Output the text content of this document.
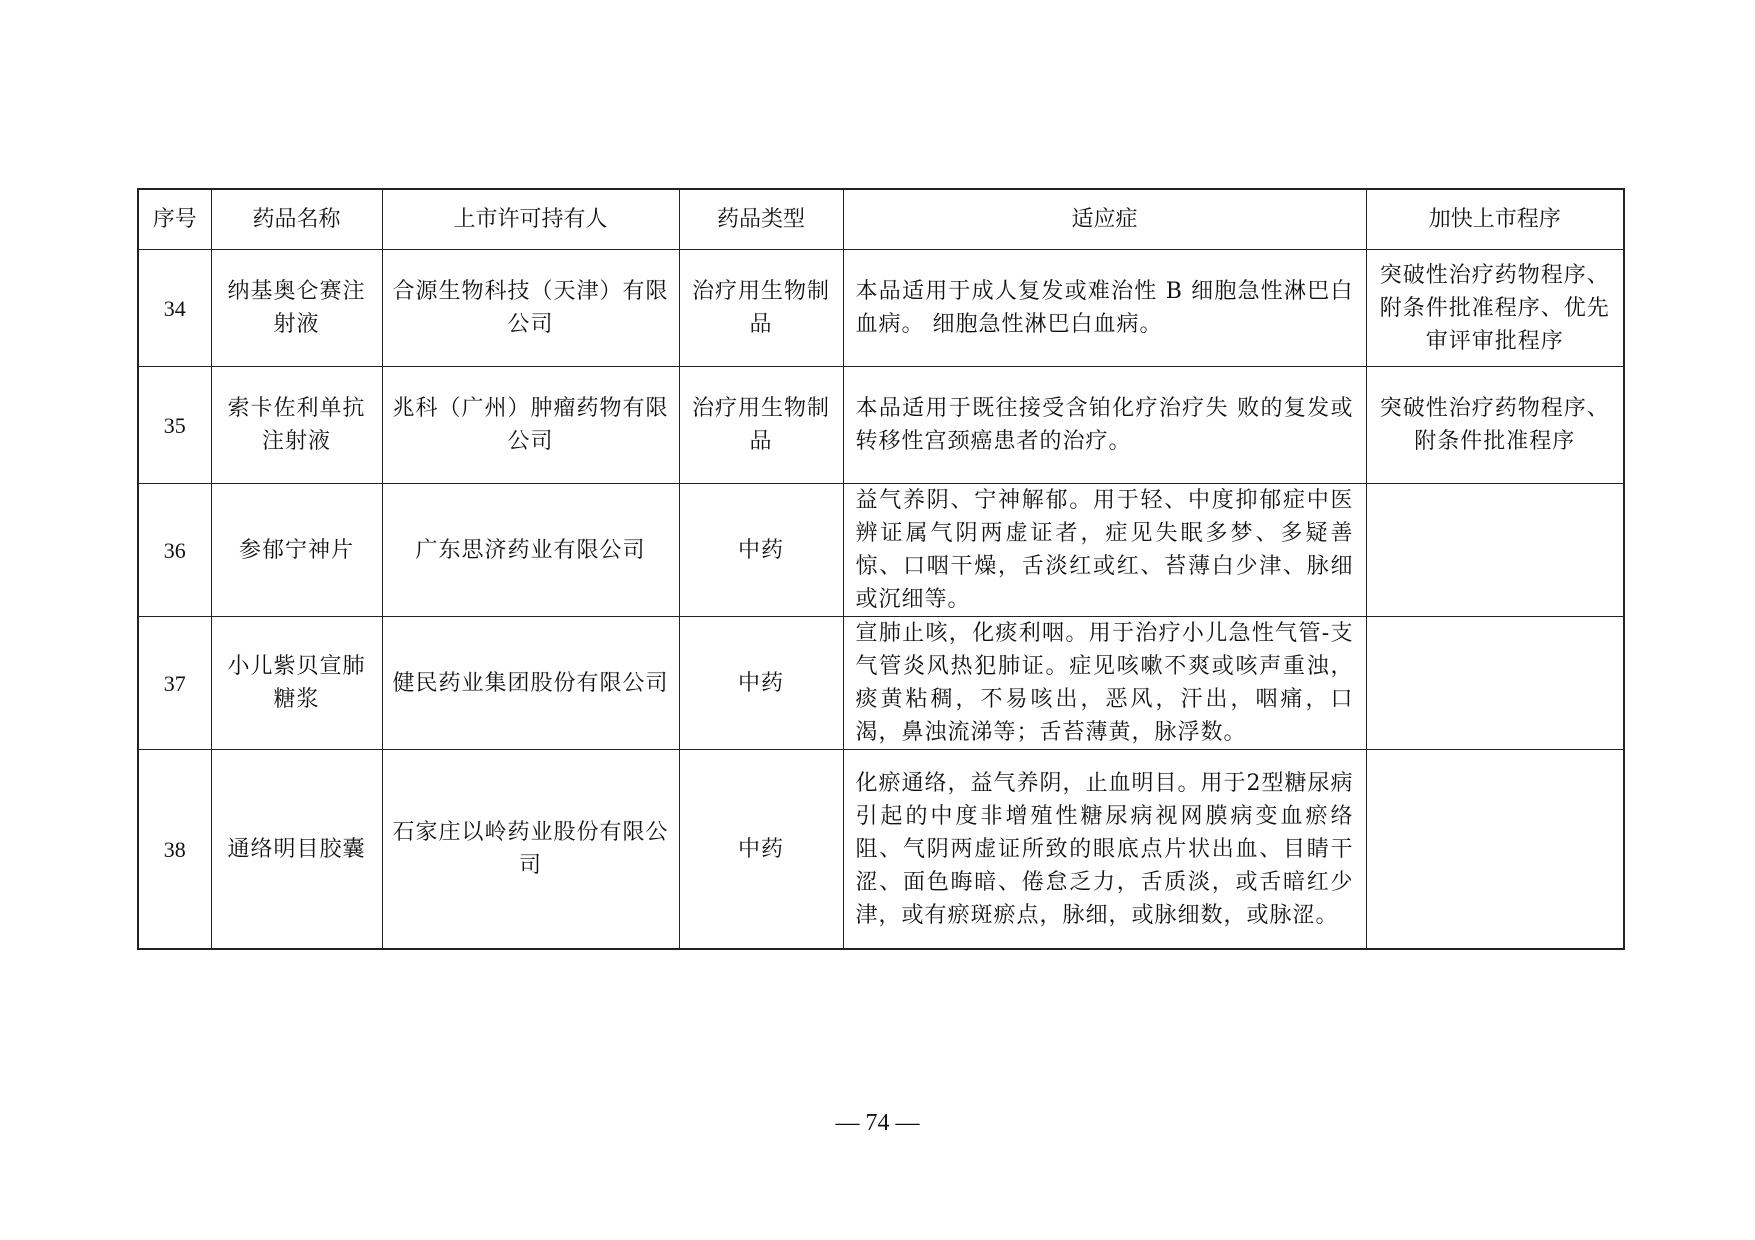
序号	药品名称	上市许可持有人	药品类型	适应症	加快上市程序
34	纳基奥仑赛注射液	合源生物科技（天津）有限公司	治疗用生物制品	本品适用于成人复发或难治性 B 细胞急性淋巴白血病。 细胞急性淋巴白血病。	突破性治疗药物程序、附条件批准程序、优先审评审批程序
35	索卡佐利单抗注射液	兆科（广州）肿瘤药物有限公司	治疗用生物制品	本品适用于既往接受含铂化疗治疗失 败的复发或转移性宫颈癌患者的治疗。	突破性治疗药物程序、附条件批准程序
36	参郁宁神片	广东思济药业有限公司	中药	益气养阴、宁神解郁。用于轻、中度抑郁症中医辨证属气阴两虚证者，症见失眠多梦、多疑善惊、口咽干燥，舌淡红或红、苔薄白少津、脉细或沉细等。	
37	小儿紫贝宣肺糖浆	健民药业集团股份有限公司	中药	宣肺止咳，化痰利咽。用于治疗小儿急性气管-支气管炎风热犯肺证。症见咳嗽不爽或咳声重浊，痰黄粘稠，不易咳出，恶风，汗出，咽痛，口渴，鼻浊流涕等；舌苔薄黄，脉浮数。	
38	通络明目胶囊	石家庄以岭药业股份有限公司	中药	化瘀通络，益气养阴，止血明目。用于2型糖尿病引起的中度非增殖性糖尿病视网膜病变血瘀络阻、气阴两虚证所致的眼底点片状出血、目睛干涩、面色晦暗、倦怠乏力，舌质淡，或舌暗红少津，或有瘀斑瘀点，脉细，或脉细数，或脉涩。	
— 74 —
